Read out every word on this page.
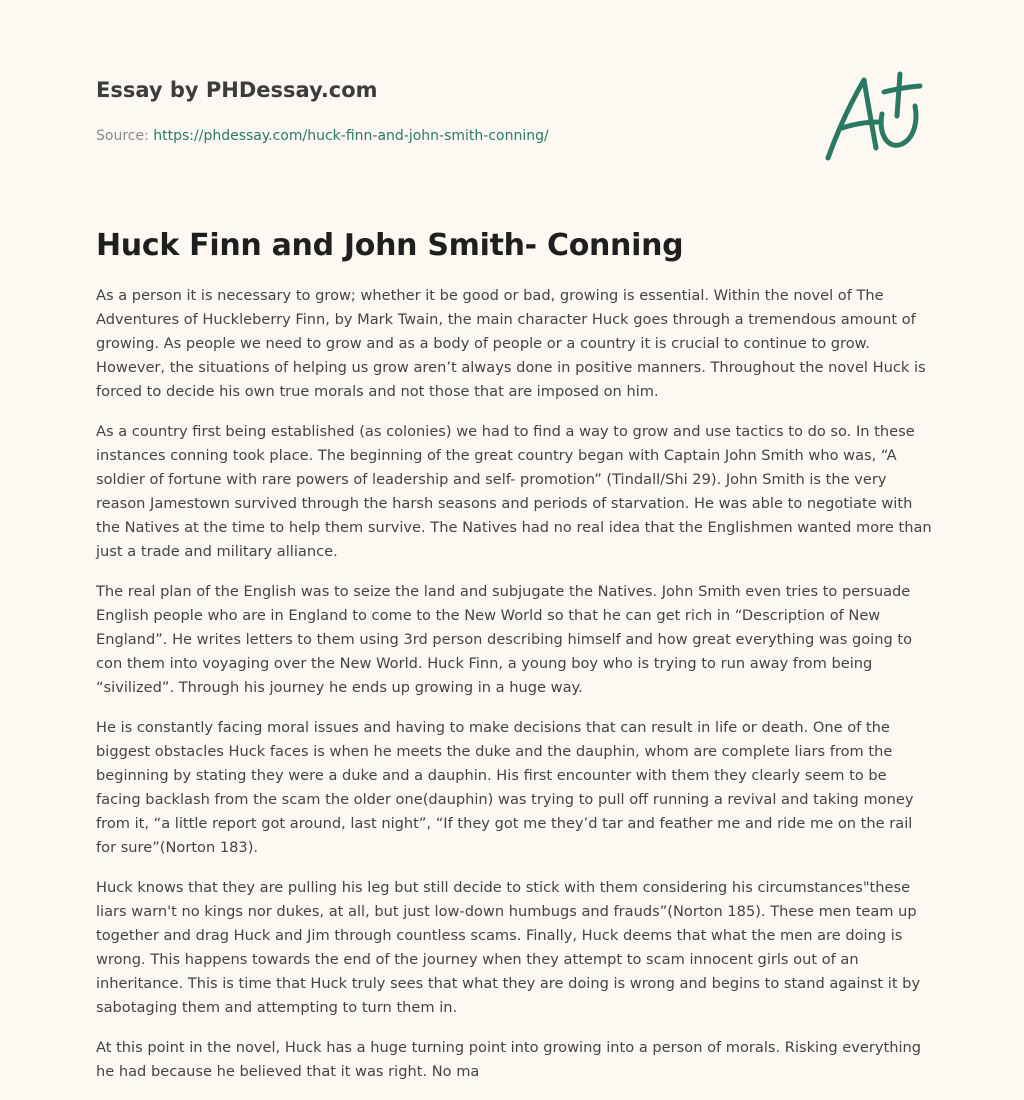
Essay by PHDessay.com
Source: https://phdessay.com/huck-finn-and-john-smith-conning/
Huck Finn and John Smith- Conning

As a person it is necessary to grow; whether it be good or bad, growing is essential. Within the novel of The Adventures of Huckleberry Finn, by Mark Twain, the main character Huck goes through a tremendous amount of growing. As people we need to grow and as a body of people or a country it is crucial to continue to grow. However, the situations of helping us grow aren’t always done in positive manners. Throughout the novel Huck is forced to decide his own true morals and not those that are imposed on him.

As a country first being established (as colonies) we had to find a way to grow and use tactics to do so. In these instances conning took place. The beginning of the great country began with Captain John Smith who was, “A soldier of fortune with rare powers of leadership and self- promotion” (Tindall/Shi 29). John Smith is the very reason Jamestown survived through the harsh seasons and periods of starvation. He was able to negotiate with the Natives at the time to help them survive. The Natives had no real idea that the Englishmen wanted more than just a trade and military alliance.

The real plan of the English was to seize the land and subjugate the Natives. John Smith even tries to persuade English people who are in England to come to the New World so that he can get rich in “Description of New England”. He writes letters to them using 3rd person describing himself and how great everything was going to con them into voyaging over the New World. Huck Finn, a young boy who is trying to run away from being “sivilized”. Through his journey he ends up growing in a huge way.

He is constantly facing moral issues and having to make decisions that can result in life or death. One of the biggest obstacles Huck faces is when he meets the duke and the dauphin, whom are complete liars from the beginning by stating they were a duke and a dauphin. His first encounter with them they clearly seem to be facing backlash from the scam the older one(dauphin) was trying to pull off running a revival and taking money from it, “a little report got around, last night”, “If they got me they’d tar and feather me and ride me on the rail for sure”(Norton 183).

Huck knows that they are pulling his leg but still decide to stick with them considering his circumstances"these liars warn't no kings nor dukes, at all, but just low-down humbugs and frauds”(Norton 185). These men team up together and drag Huck and Jim through countless scams. Finally, Huck deems that what the men are doing is wrong. This happens towards the end of the journey when they attempt to scam innocent girls out of an inheritance. This is time that Huck truly sees that what they are doing is wrong and begins to stand against it by sabotaging them and attempting to turn them in.

At this point in the novel, Huck has a huge turning point into growing into a person of morals. Risking everything he had because he believed that it was right. No ma
